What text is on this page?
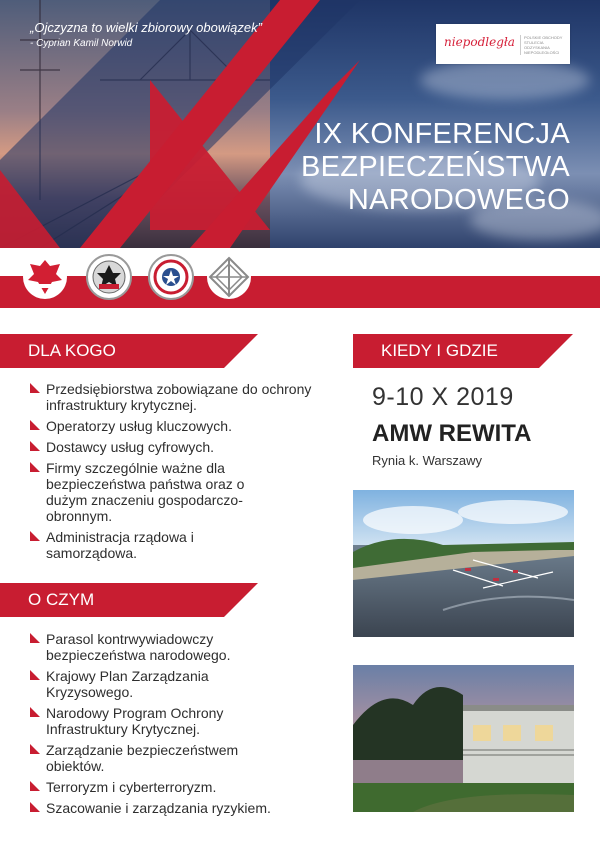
„Ojczyzna to wielki zbiorowy obowiązek”
- Cyprian Kamil Norwid	niepodległa	POLSKIE OBCHODY STULECIA ODZYSKANIA NIEPODLEGŁOŚCI
IX KONFERENCJA
BEZPIECZEŃSTWA
NARODOWEGO
DLA KOGO
Przedsiębiorstwa zobowiązane do ochrony infrastruktury krytycznej.
Operatorzy usług kluczowych.
Dostawcy usług cyfrowych.
Firmy szczególnie ważne dla bezpieczeństwa państwa oraz o dużym znaczeniu gospodarczo-obronnym.
Administracja rządowa i samorządowa.
O CZYM
Parasol kontrwywiadowczy bezpieczeństwa narodowego.
Krajowy Plan Zarządzania Kryzysowego.
Narodowy Program Ochrony Infrastruktury Krytycznej.
Zarządzanie bezpieczeństwem obiektów.
Terroryzm i cyberterroryzm.
Szacowanie i zarządzania ryzykiem.
KIEDY I GDZIE
9-10 X 2019
AMW REWITA
Rynia k. Warszawy
